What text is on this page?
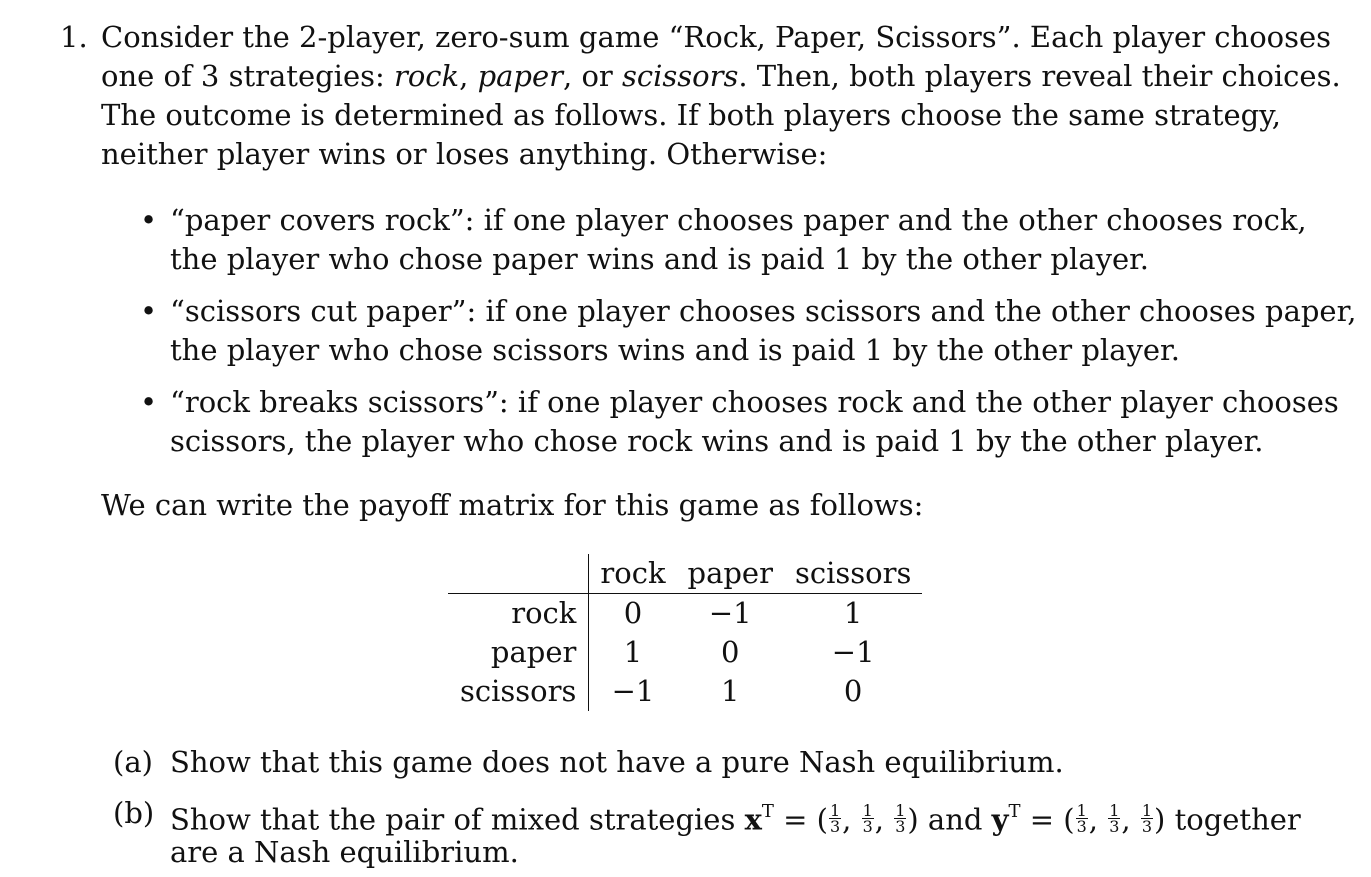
1. Consider the 2-player, zero-sum game “Rock, Paper, Scissors”. Each player chooses
one of 3 strategies: rock, paper, or scissors. Then, both players reveal their choices.
The outcome is determined as follows. If both players choose the same strategy,
neither player wins or loses anything. Otherwise:
• “paper covers rock”: if one player chooses paper and the other chooses rock,
the player who chose paper wins and is paid 1 by the other player.
• “scissors cut paper”: if one player chooses scissors and the other chooses paper,
the player who chose scissors wins and is paid 1 by the other player.
• “rock breaks scissors”: if one player chooses rock and the other player chooses
scissors, the player who chose rock wins and is paid 1 by the other player.
We can write the payoff matrix for this game as follows:
	rock	paper	scissors
rock	0	−1	1
paper	1	0	−1
scissors	−1	1	0
(a) Show that this game does not have a pure Nash equilibrium.
(b) Show that the pair of mixed strategies $x^T$ = ( $\frac{1}{3}$ , $\frac{1}{3}$ , $\frac{1}{3}$ ) and $y^T$ = ( $\frac{1}{3}$ , $\frac{1}{3}$ , $\frac{1}{3}$ ) together
are a Nash equilibrium.
